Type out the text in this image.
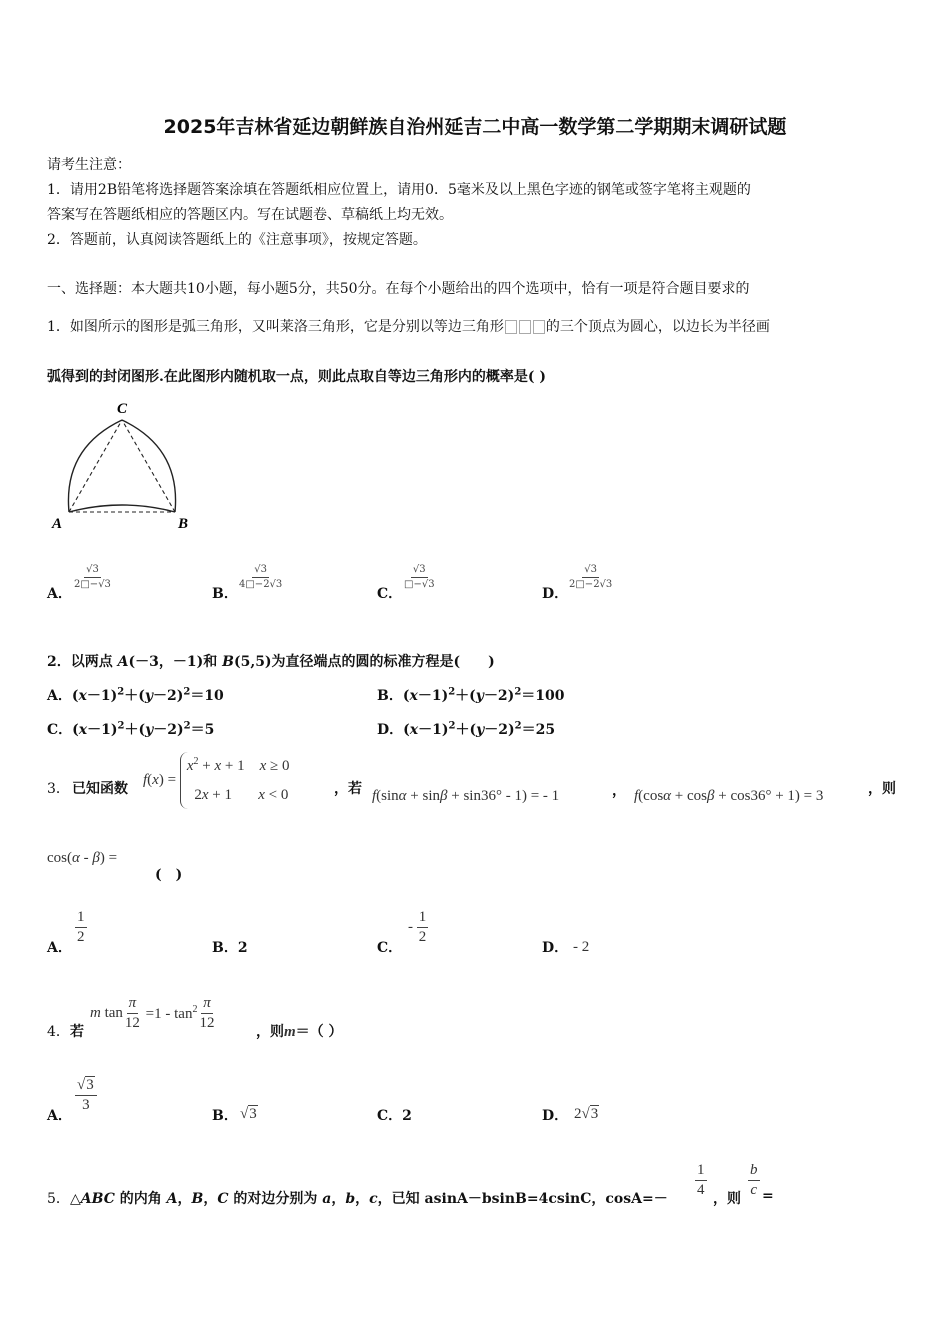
2025年吉林省延边朝鲜族自治州延吉二中高一数学第二学期期末调研试题
请考生注意：
1．请用2B铅笔将选择题答案涂填在答题纸相应位置上，请用0．5毫米及以上黑色字迹的钢笔或签字笔将主观题的
答案写在答题纸相应的答题区内。写在试题卷、草稿纸上均无效。
2．答题前，认真阅读答题纸上的《注意事项》，按规定答题。
一、选择题：本大题共10小题，每小题5分，共50分。在每个小题给出的四个选项中，恰有一项是符合题目要求的
1．如图所示的图形是弧三角形，又叫莱洛三角形，它是分别以等边三角形	的三个顶点为圆心，以边长为半径画
弧得到的封闭图形.在此图形内随机取一点，则此点取自等边三角形内的概率是( )
C
A	B
A．
$\frac{√3}{2□-√3}$
B．
$\frac{√3}{4□-2√3}$
C．
$\frac{√3}{□-√3}$
D．
$\frac{√3}{2□-2√3}$
2．以两点 A(－3，－1)和 B(5,5)为直径端点的圆的标准方程是(　　)
A．$(x-1)^2+(y-2)^2=10$	B．$(x-1)^2+(y-2)^2=100$
C．$(x-1)^2+(y-2)^2=5$	D．$(x-1)^2+(y-2)^2=25$
3． 已知函数
$f(x) = x^2 + x + 1$    x ≥ 0
2x + 1       x < 0	，若 f(sinα + sinβ + sin36° - 1) = - 1	， f(cosα + cosβ + cos36° + 1) = 3	，则
cos(α - β) =
(　)
A．
$\frac{1}{2}$
B．2	C．
- $\frac{1}{2}$
D． - 2
4． 若
m $\tan \frac{\pi}{12} =1 - \tan^2 \frac{\pi}{12}$
，则m＝（ ）
A．
$\frac{√3}{3}$
B． √3	C．2	D． 2√3
5． △ABC 的内角 A，B，C 的对边分别为 a，b，c，已知 asinA－bsinB=4csinC，cosA=－
$\frac{1}{4}$
，则
$\frac{b}{c}$ =
